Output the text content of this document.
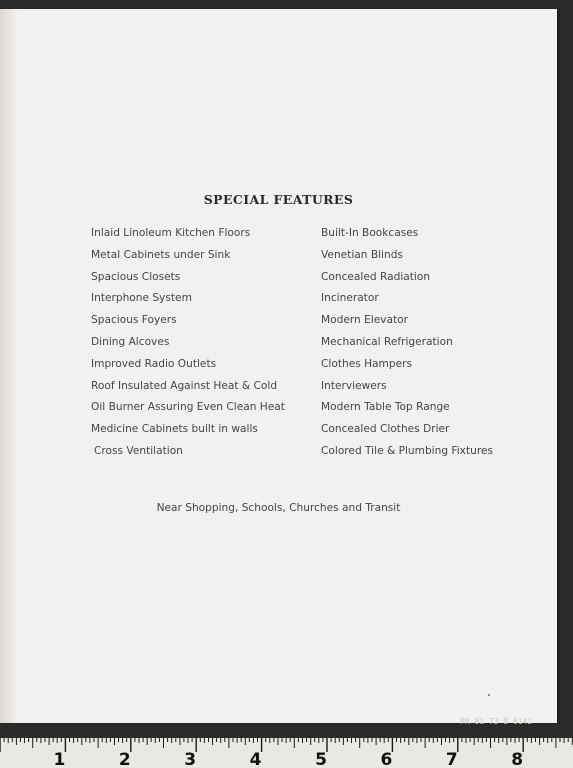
SPECIAL FEATURES
Inlaid Linoleum Kitchen Floors
Metal Cabinets under Sink
Spacious Closets
Interphone System
Spacious Foyers
Dining Alcoves
Improved Radio Outlets
Roof Insulated Against Heat & Cold
Oil Burner Assuring Even Clean Heat
Medicine Cabinets built in walls
Cross Ventilation
Built-In Bookcases
Venetian Blinds
Concealed Radiation
Incinerator
Modern Elevator
Mechanical Refrigeration
Clothes Hampers
Interviewers
Modern Table Top Range
Concealed Clothes Drier
Colored Tile & Plumbing Fixtures
Near Shopping, Schools, Churches and Transit
PR 01 73 8 0142
1	2	3	4	5	6	7	8
